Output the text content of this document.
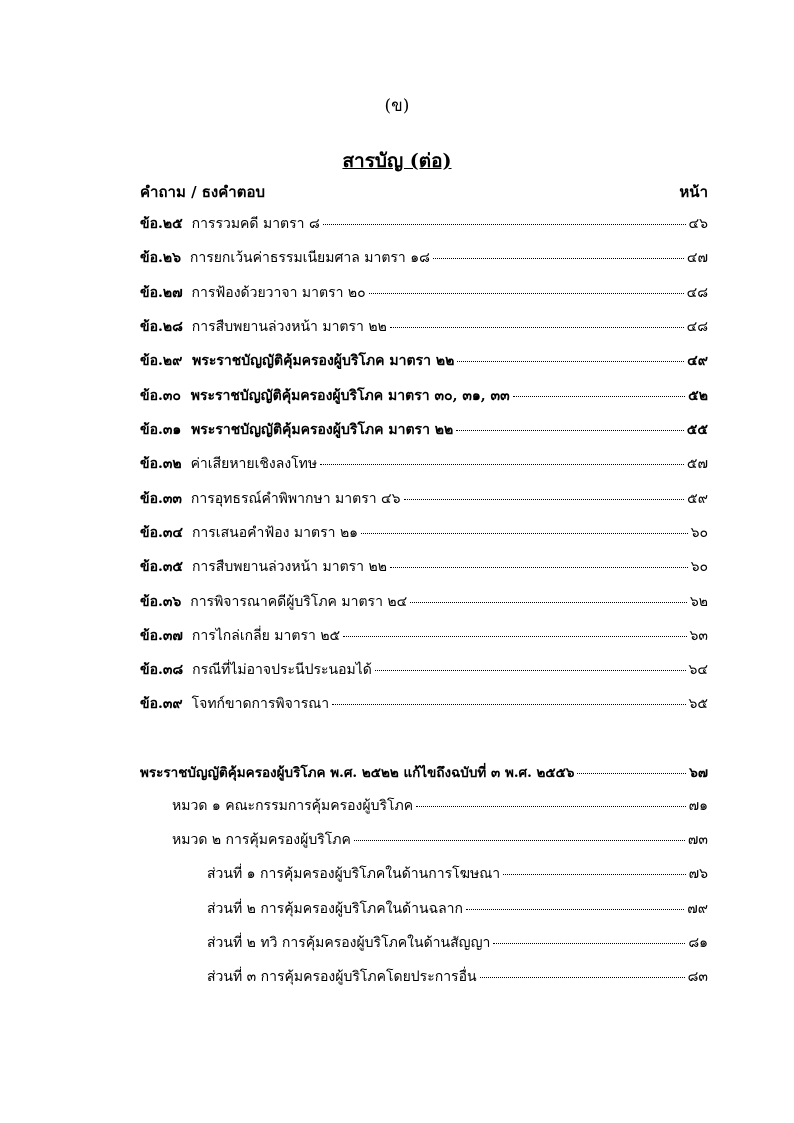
(ข)
สารบัญ (ต่อ)
คำถาม / ธงคำตอบ	หน้า
ข้อ.๒๕ การรวมคดี มาตรา ๘	๔๖
ข้อ.๒๖ การยกเว้นค่าธรรมเนียมศาล มาตรา ๑๘	๔๗
ข้อ.๒๗ การฟ้องด้วยวาจา มาตรา ๒๐	๔๘
ข้อ.๒๘ การสืบพยานล่วงหน้า มาตรา ๒๒	๔๘
ข้อ.๒๙ พระราชบัญญัติคุ้มครองผู้บริโภค มาตรา ๒๒	๔๙
ข้อ.๓๐ พระราชบัญญัติคุ้มครองผู้บริโภค มาตรา ๓๐, ๓๑, ๓๓	๕๒
ข้อ.๓๑ พระราชบัญญัติคุ้มครองผู้บริโภค มาตรา ๒๒	๕๕
ข้อ.๓๒ ค่าเสียหายเชิงลงโทษ	๕๗
ข้อ.๓๓ การอุทธรณ์คำพิพากษา มาตรา ๔๖	๕๙
ข้อ.๓๔ การเสนอคำฟ้อง มาตรา ๒๑	๖๐
ข้อ.๓๕ การสืบพยานล่วงหน้า มาตรา ๒๒	๖๐
ข้อ.๓๖ การพิจารณาคดีผู้บริโภค มาตรา ๒๔	๖๒
ข้อ.๓๗ การไกล่เกลี่ย มาตรา ๒๕	๖๓
ข้อ.๓๘ กรณีที่ไม่อาจประนีประนอมได้	๖๔
ข้อ.๓๙ โจทก์ขาดการพิจารณา	๖๕
พระราชบัญญัติคุ้มครองผู้บริโภค พ.ศ. ๒๕๒๒ แก้ไขถึงฉบับที่ ๓ พ.ศ. ๒๕๕๖	๖๗
หมวด ๑ คณะกรรมการคุ้มครองผู้บริโภค	๗๑
หมวด ๒ การคุ้มครองผู้บริโภค	๗๓
ส่วนที่ ๑ การคุ้มครองผู้บริโภคในด้านการโฆษณา	๗๖
ส่วนที่ ๒ การคุ้มครองผู้บริโภคในด้านฉลาก	๗๙
ส่วนที่ ๒ ทวิ การคุ้มครองผู้บริโภคในด้านสัญญา	๘๑
ส่วนที่ ๓ การคุ้มครองผู้บริโภคโดยประการอื่น	๘๓
